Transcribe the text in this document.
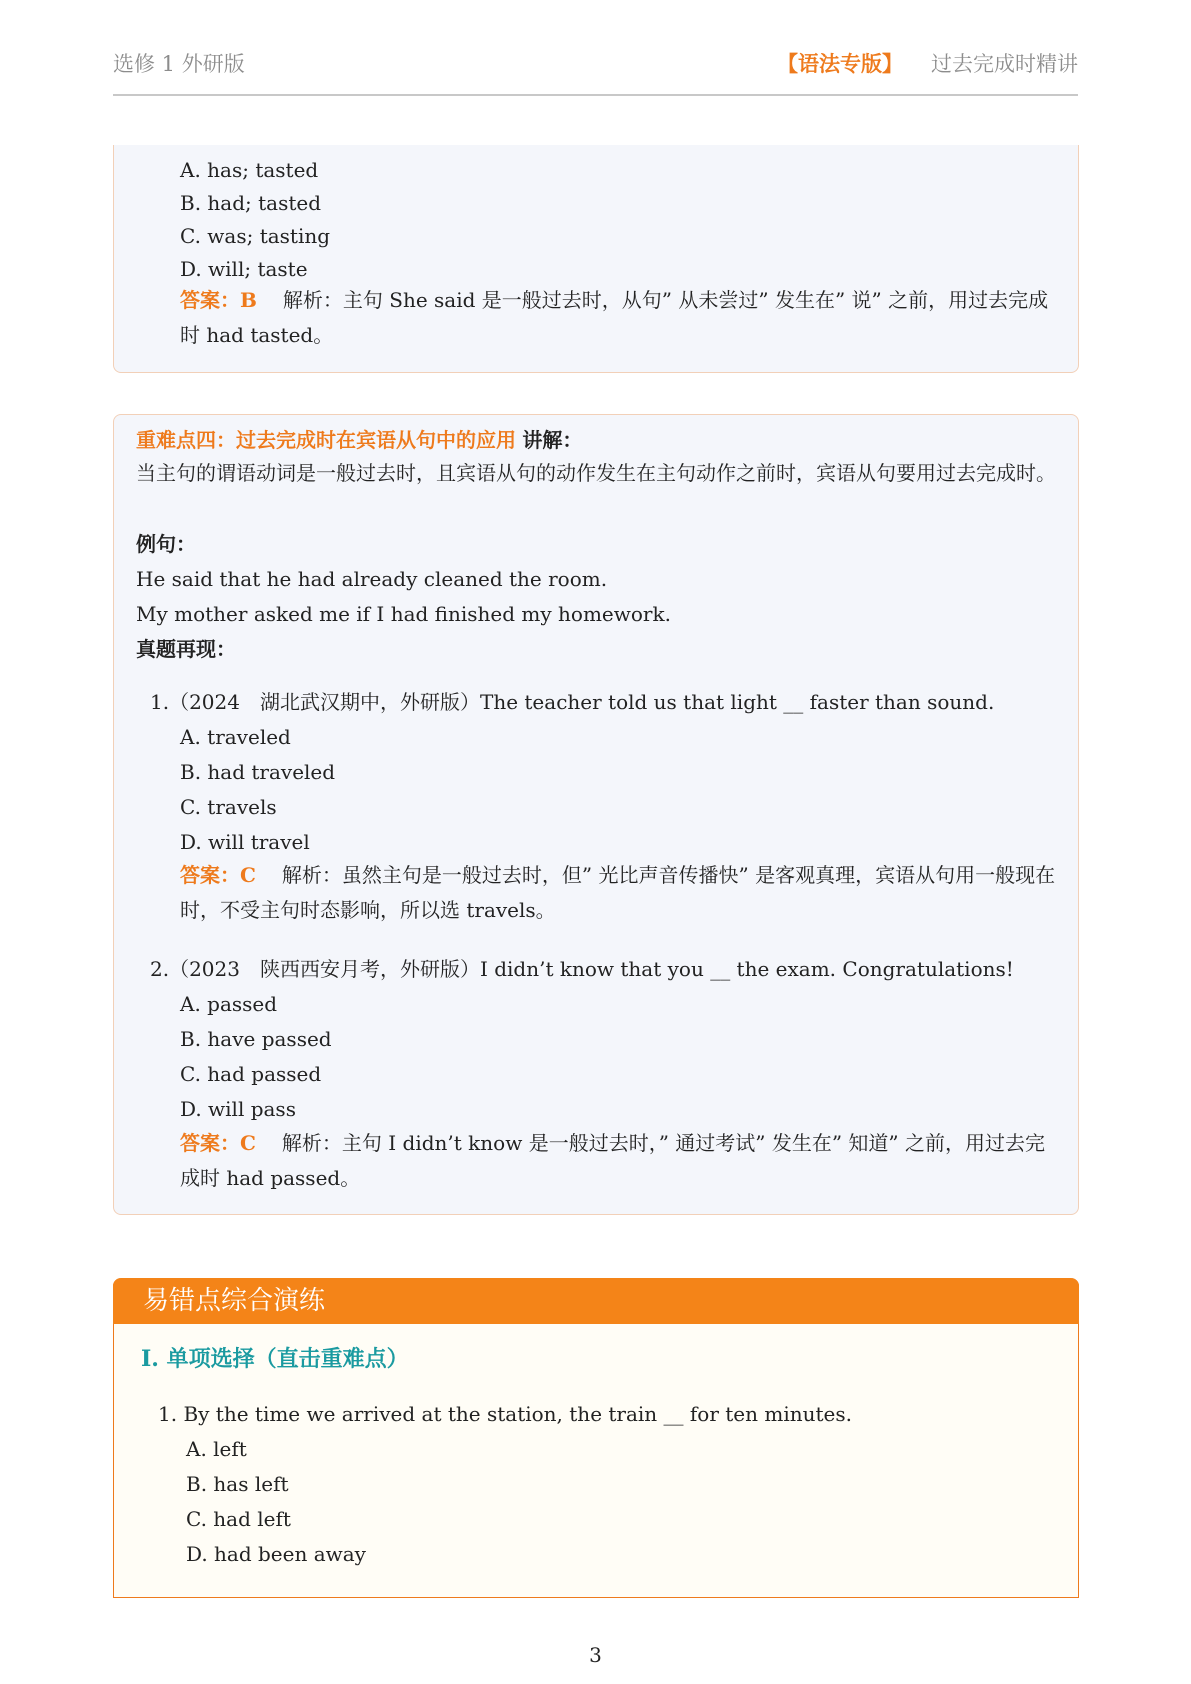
选修 1 外研版	【语法专版】 过去完成时精讲
A. has; tasted
B. had; tasted
C. was; tasting
D. will; taste
答案：B 解析：主句 She said 是一般过去时，从句” 从未尝过” 发生在” 说” 之前，用过去完成时 had tasted。
重难点四：过去完成时在宾语从句中的应用 讲解：
当主句的谓语动词是一般过去时，且宾语从句的动作发生在主句动作之前时，宾语从句要用过去完成时。
例句：
He said that he had already cleaned the room.
My mother asked me if I had finished my homework.
真题再现：
1.（2024　湖北武汉期中，外研版）The teacher told us that light __ faster than sound.
A. traveled
B. had traveled
C. travels
D. will travel
答案：C 解析：虽然主句是一般过去时，但” 光比声音传播快” 是客观真理，宾语从句用一般现在时，不受主句时态影响，所以选 travels。
2.（2023　陕西西安月考，外研版）I didn’t know that you __ the exam. Congratulations!
A. passed
B. have passed
C. had passed
D. will pass
答案：C 解析：主句 I didn’t know 是一般过去时，” 通过考试” 发生在” 知道” 之前，用过去完成时 had passed。
易错点综合演练
I. 单项选择（直击重难点）
1. By the time we arrived at the station, the train __ for ten minutes.
A. left
B. has left
C. had left
D. had been away
3
